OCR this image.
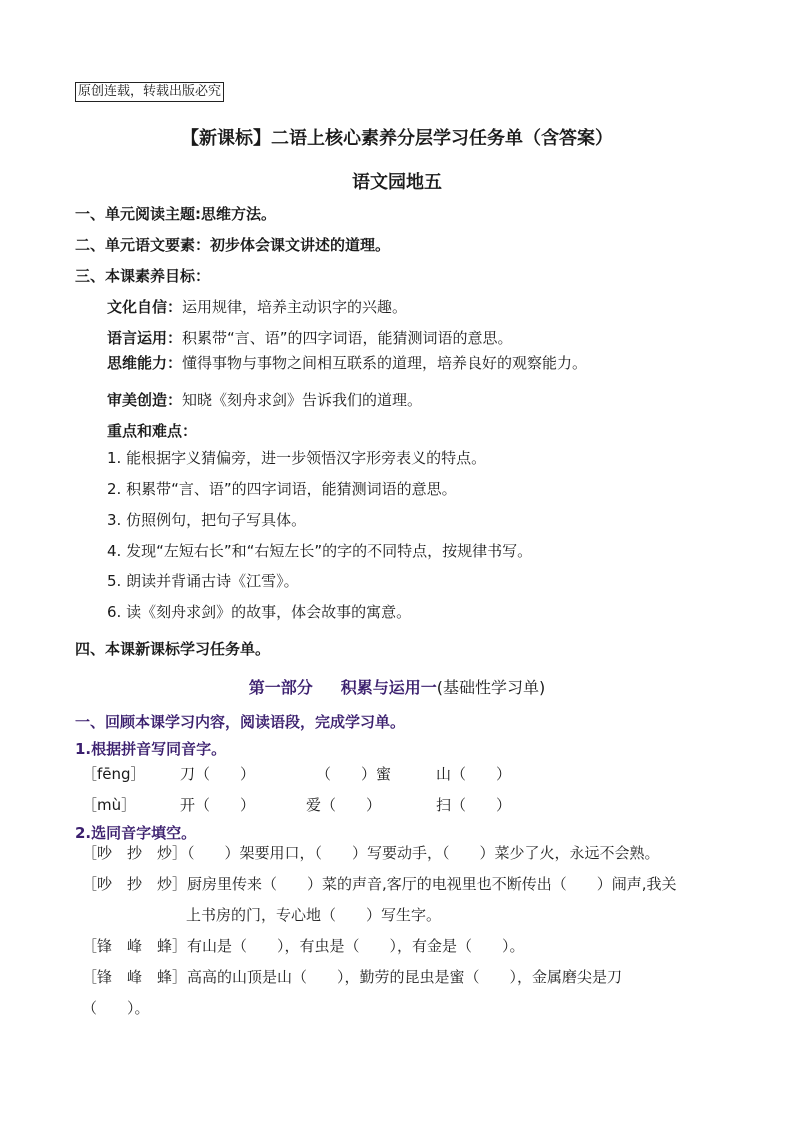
原创连载，转载出版必究
【新课标】二语上核心素养分层学习任务单（含答案）
语文园地五
一、单元阅读主题:思维方法。
二、单元语文要素：初步体会课文讲述的道理。
三、本课素养目标：
文化自信：运用规律，培养主动识字的兴趣。
语言运用：积累带“言、语”的四字词语，能猜测词语的意思。
思维能力：懂得事物与事物之间相互联系的道理，培养良好的观察能力。
审美创造：知晓《刻舟求剑》告诉我们的道理。
重点和难点：
1. 能根据字义猜偏旁，进一步领悟汉字形旁表义的特点。
2. 积累带“言、语”的四字词语，能猜测词语的意思。
3. 仿照例句，把句子写具体。
4. 发现“左短右长”和“右短左长”的字的不同特点，按规律书写。
5. 朗读并背诵古诗《江雪》。
6. 读《刻舟求剑》的故事，体会故事的寓意。
四、本课新课标学习任务单。
第一部分 积累与运用一(基础性学习单)
一、回顾本课学习内容，阅读语段，完成学习单。
1.根据拼音写同音字。
［fēng］ 刀（　　）	（　　）蜜	山（　　）
［mù］	开（　　）	爱（　　）	扫（　　）
2.选同音字填空。
［吵　抄　炒］（　　）架要用口，（　　）写要动手，（　　）菜少了火，永远不会熟。
［吵　抄　炒］厨房里传来（　　）菜的声音,客厅的电视里也不断传出（　　）闹声,我关
上书房的门，专心地（　　）写生字。
［锋　峰　蜂］有山是（　　），有虫是（　　），有金是（　　）。
［锋　峰　蜂］高高的山顶是山（　　），勤劳的昆虫是蜜（　　），金属磨尖是刀
（　　）。
